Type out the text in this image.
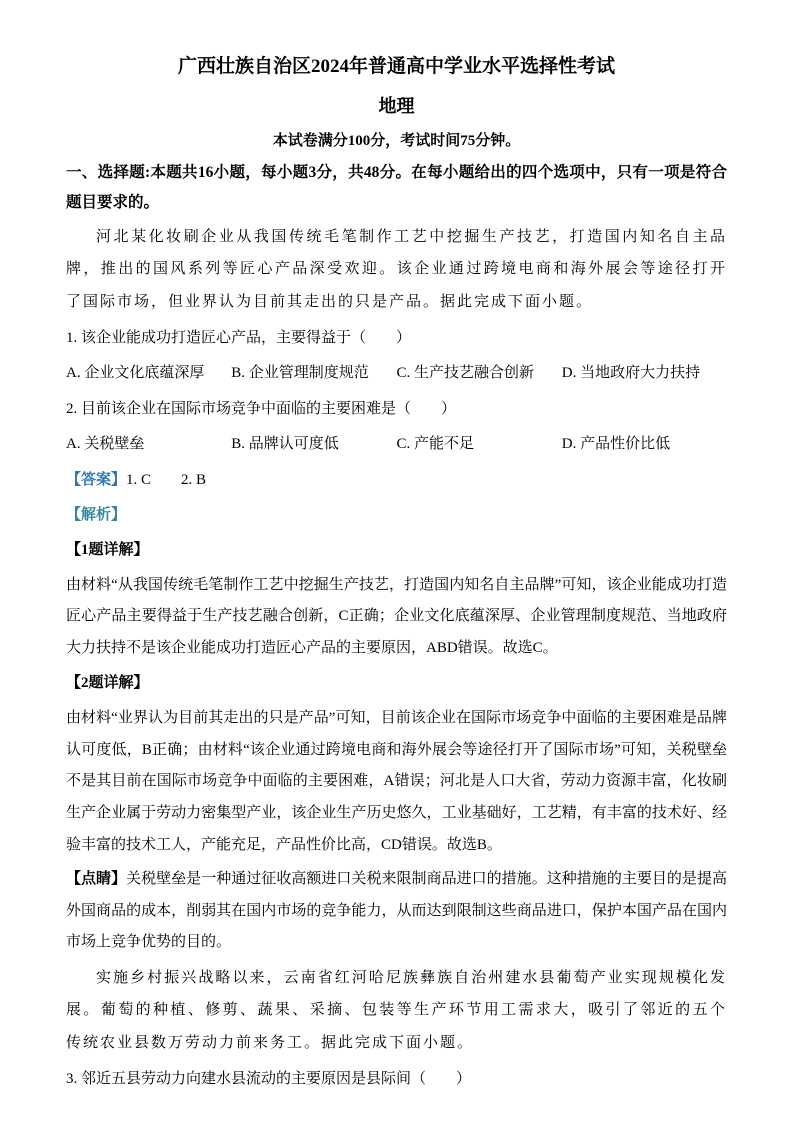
广西壮族自治区2024年普通高中学业水平选择性考试

地理

本试卷满分100分，考试时间75分钟。

一、选择题:本题共16小题，每小题3分，共48分。在每小题给出的四个选项中，只有一项是符合题目要求的。

河北某化妆刷企业从我国传统毛笔制作工艺中挖掘生产技艺，打造国内知名自主品牌，推出的国风系列等匠心产品深受欢迎。该企业通过跨境电商和海外展会等途径打开了国际市场，但业界认为目前其走出的只是产品。据此完成下面小题。

1. 该企业能成功打造匠心产品，主要得益于（　　）

A. 企业文化底蕴深厚	B. 企业管理制度规范	C. 生产技艺融合创新	D. 当地政府大力扶持

2. 目前该企业在国际市场竞争中面临的主要困难是（　　）

A. 关税壁垒	B. 品牌认可度低	C. 产能不足	D. 产品性价比低

【答案】1. C　　2. B

【解析】

【1题详解】

由材料“从我国传统毛笔制作工艺中挖掘生产技艺，打造国内知名自主品牌”可知，该企业能成功打造匠心产品主要得益于生产技艺融合创新，C正确；企业文化底蕴深厚、企业管理制度规范、当地政府大力扶持不是该企业能成功打造匠心产品的主要原因，ABD错误。故选C。

【2题详解】

由材料“业界认为目前其走出的只是产品”可知，目前该企业在国际市场竞争中面临的主要困难是品牌认可度低，B正确；由材料“该企业通过跨境电商和海外展会等途径打开了国际市场”可知，关税壁垒不是其目前在国际市场竞争中面临的主要困难，A错误；河北是人口大省，劳动力资源丰富，化妆刷生产企业属于劳动力密集型产业，该企业生产历史悠久，工业基础好，工艺精，有丰富的技术好、经验丰富的技术工人，产能充足，产品性价比高，CD错误。故选B。

【点睛】关税壁垒是一种通过征收高额进口关税来限制商品进口的措施。这种措施的主要目的是提高外国商品的成本，削弱其在国内市场的竞争能力，从而达到限制这些商品进口，保护本国产品在国内市场上竞争优势的目的。

实施乡村振兴战略以来，云南省红河哈尼族彝族自治州建水县葡萄产业实现规模化发展。葡萄的种植、修剪、蔬果、采摘、包装等生产环节用工需求大，吸引了邻近的五个传统农业县数万劳动力前来务工。据此完成下面小题。

3. 邻近五县劳动力向建水县流动的主要原因是县际间（　　）
